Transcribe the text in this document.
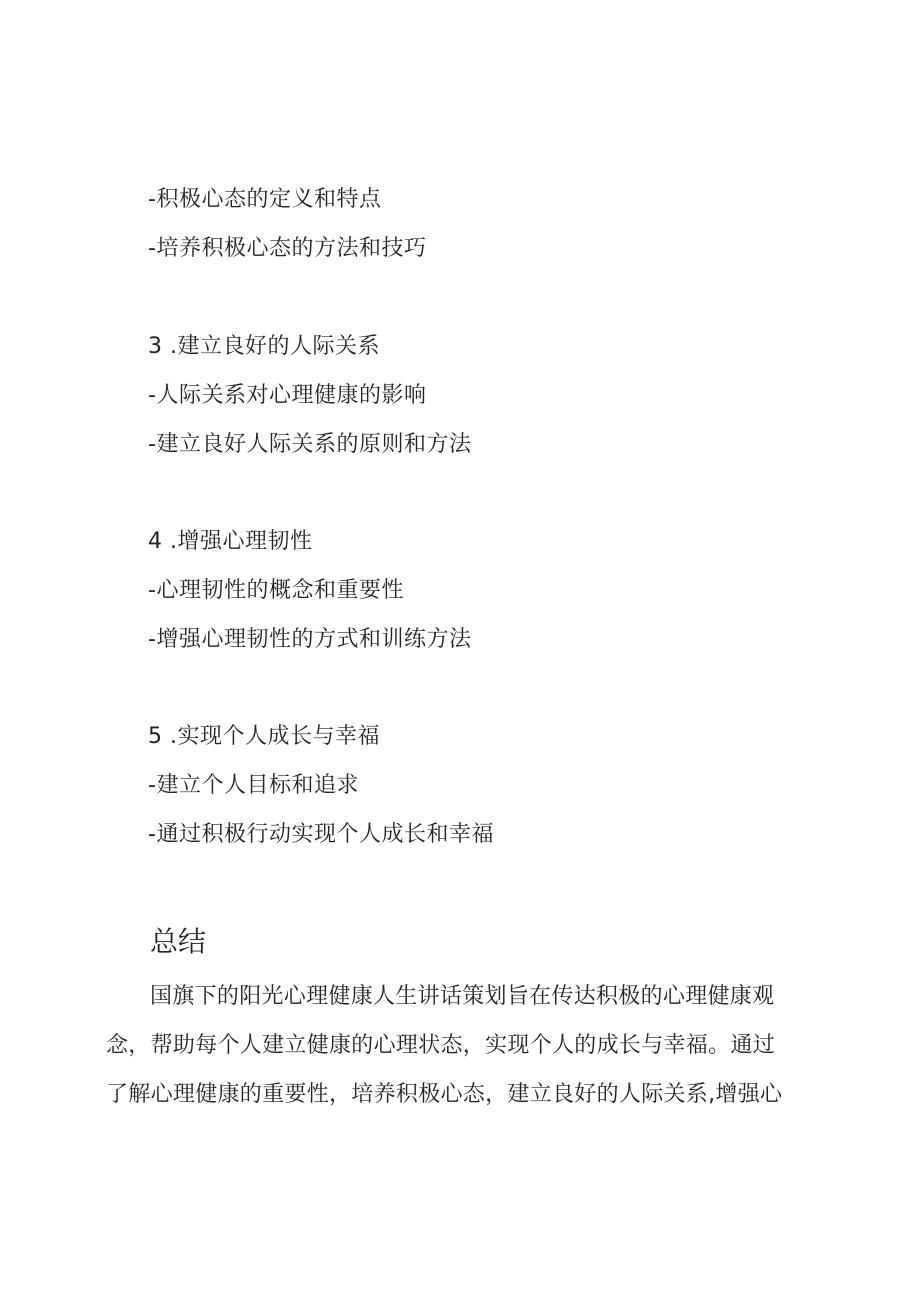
-积极心态的定义和特点
-培养积极心态的方法和技巧
3 .建立良好的人际关系
-人际关系对心理健康的影响
-建立良好人际关系的原则和方法
4 .增强心理韧性
-心理韧性的概念和重要性
-增强心理韧性的方式和训练方法
5 .实现个人成长与幸福
-建立个人目标和追求
-通过积极行动实现个人成长和幸福
总结
国旗下的阳光心理健康人生讲话策划旨在传达积极的心理健康观
念，帮助每个人建立健康的心理状态，实现个人的成长与幸福。通过
了解心理健康的重要性，培养积极心态，建立良好的人际关系,增强心
